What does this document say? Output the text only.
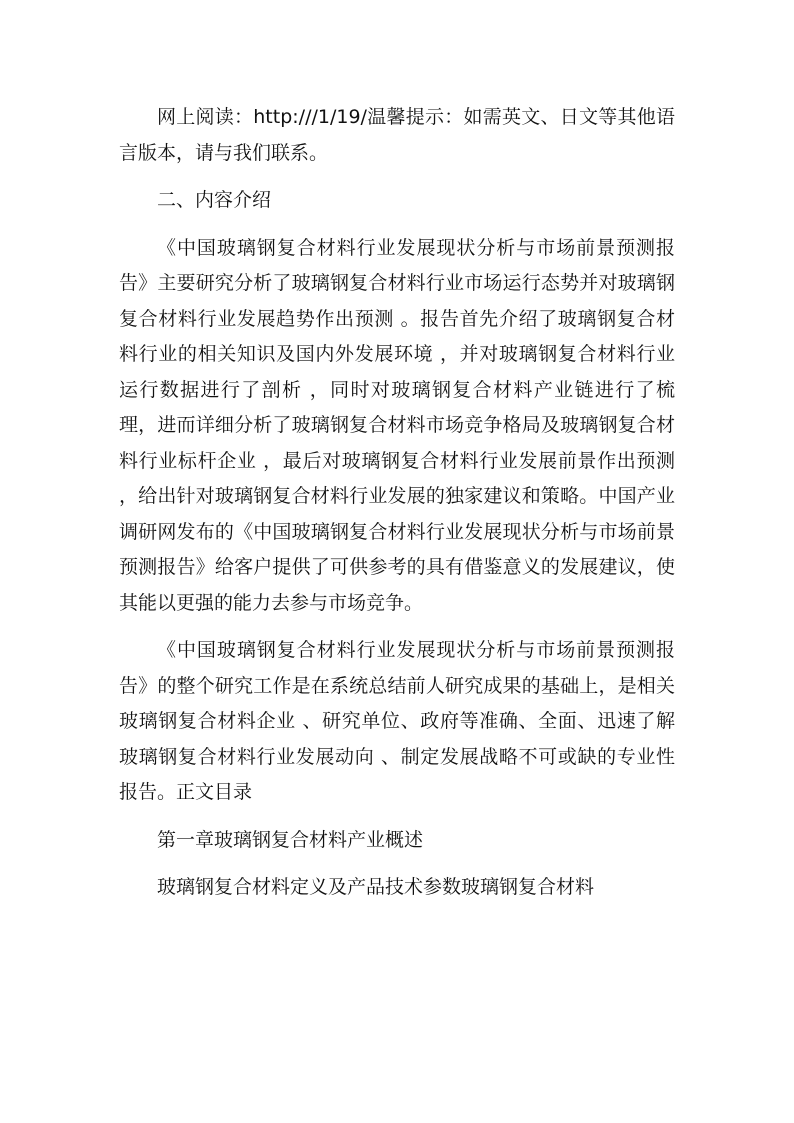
网上阅读：http:///1/19/温馨提示：如需英文、日文等其他语言版本，请与我们联系。

二、内容介绍

《中国玻璃钢复合材料行业发展现状分析与市场前景预测报告》主要研究分析了玻璃钢复合材料行业市场运行态势并对玻璃钢复合材料行业发展趋势作出预测 。报告首先介绍了玻璃钢复合材料行业的相关知识及国内外发展环境 ，并对玻璃钢复合材料行业运行数据进行了剖析 ，同时对玻璃钢复合材料产业链进行了梳理，进而详细分析了玻璃钢复合材料市场竞争格局及玻璃钢复合材料行业标杆企业 ，最后对玻璃钢复合材料行业发展前景作出预测 ，给出针对玻璃钢复合材料行业发展的独家建议和策略。中国产业调研网发布的《中国玻璃钢复合材料行业发展现状分析与市场前景预测报告》给客户提供了可供参考的具有借鉴意义的发展建议，使其能以更强的能力去参与市场竞争。

《中国玻璃钢复合材料行业发展现状分析与市场前景预测报告》的整个研究工作是在系统总结前人研究成果的基础上，是相关玻璃钢复合材料企业 、研究单位、政府等准确、全面、迅速了解玻璃钢复合材料行业发展动向 、制定发展战略不可或缺的专业性报告。正文目录

第一章玻璃钢复合材料产业概述

玻璃钢复合材料定义及产品技术参数玻璃钢复合材料
